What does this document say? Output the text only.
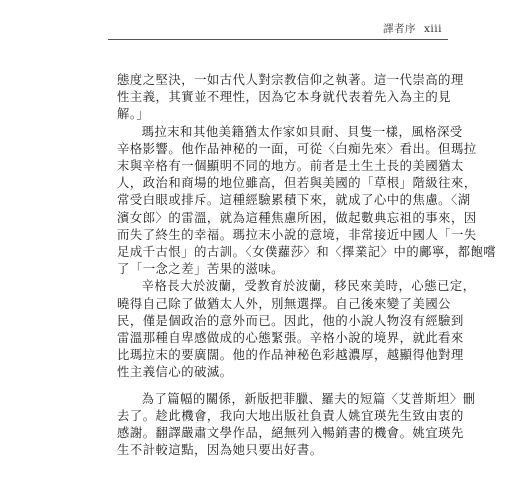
譯者序 xiii

態度之堅決，一如古代人對宗教信仰之執著。這一代崇高的理
性主義，其實並不理性，因為它本身就代表着先入為主的見
解。」

瑪拉末和其他美籍猶太作家如貝耐、貝隻一樣，風格深受
辛格影響。他作品神秘的一面，可從〈白痴先來〉看出。但瑪拉
末與辛格有一個顯明不同的地方。前者是土生土長的美國猶太
人，政治和商場的地位雖高，但若與美國的「草根」階級往來，
常受白眼或排斥。這種經驗累積下來，就成了心中的焦慮。〈湖
濱女郎〉的雷溫，就為這種焦慮所困，做起數典忘祖的事來，因
而失了終生的幸福。瑪拉末小說的意境，非常接近中國人「一失
足成千古恨」的古訓。〈女僕蘿莎〉和〈擇業記〉中的鄺寧，都飽嚐
了「一念之差」苦果的滋味。

辛格長大於波蘭，受教育於波蘭，移民來美時，心態已定，
曉得自己除了做猶太人外，別無選擇。自己後來變了美國公
民，僅是個政治的意外而已。因此，他的小說人物沒有經驗到
雷溫那種自卑感做成的心態緊張。辛格小說的境界，就此看來
比瑪拉末的要廣闊。他的作品神秘色彩越濃厚，越顯得他對理
性主義信心的破滅。

為了篇幅的關係，新版把菲臘、羅夫的短篇〈艾普斯坦〉刪
去了。趁此機會，我向大地出版社負責人姚宜瑛先生致由衷的
感謝。翻譯嚴肅文學作品，絕無列入暢銷書的機會。姚宜瑛先
生不計較這點，因為她只要出好書。
